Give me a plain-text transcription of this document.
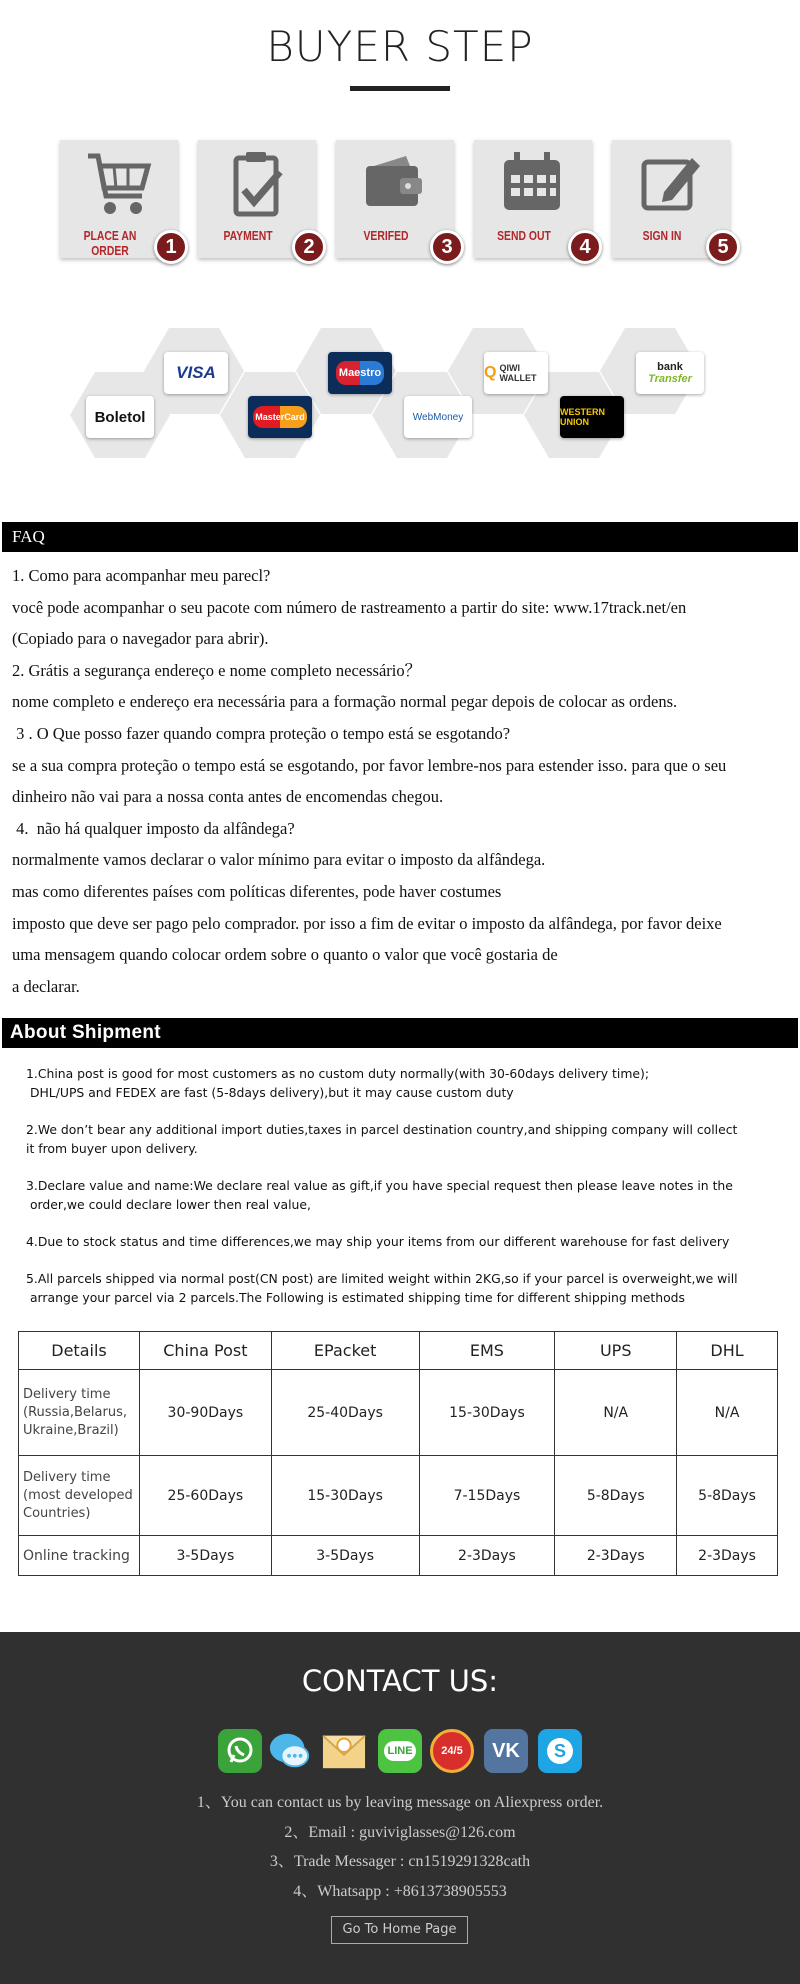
BUYER STEP
PLACE AN ORDER	1
PAYMENT
2
VERIFED
3
SEND OUT
4
SIGN IN
5
Boletol
VISA
MasterCard
Maestro
WebMoney
Q QIWI WALLET
WESTERN UNION
bank
Transfer
FAQ
1. Como para acompanhar meu parecl?
você pode acompanhar o seu pacote com número de rastreamento a partir do site: www.17track.net/en
(Copiado para o navegador para abrir).
2. Grátis a segurança endereço e nome completo necessário？
nome completo e endereço era necessária para a formação normal pegar depois de colocar as ordens.
3 . O Que posso fazer quando compra proteção o tempo está se esgotando?
se a sua compra proteção o tempo está se esgotando, por favor lembre-nos para estender isso. para que o seu
dinheiro não vai para a nossa conta antes de encomendas chegou.
4.  não há qualquer imposto da alfândega?
normalmente vamos declarar o valor mínimo para evitar o imposto da alfândega.
mas como diferentes países com políticas diferentes, pode haver costumes
imposto que deve ser pago pelo comprador. por isso a fim de evitar o imposto da alfândega, por favor deixe
uma mensagem quando colocar ordem sobre o quanto o valor que você gostaria de
a declarar.
About Shipment
1.China post is good for most customers as no custom duty normally(with 30-60days delivery time);
DHL/UPS and FEDEX are fast (5-8days delivery),but it may cause custom duty
2.We don’t bear any additional import duties,taxes in parcel destination country,and shipping company will collect
it from buyer upon delivery.
3.Declare value and name:We declare real value as gift,if you have special request then please leave notes in the
order,we could declare lower then real value,
4.Due to stock status and time differences,we may ship your items from our different warehouse for fast delivery
5.All parcels shipped via normal post(CN post) are limited weight within 2KG,so if your parcel is overweight,we will
arrange your parcel via 2 parcels.The Following is estimated shipping time for different shipping methods
Details	China Post	EPacket	EMS	UPS	DHL

Delivery time
(Russia,Belarus,
Ukraine,Brazil)	30-90Days	25-40Days	15-30Days	N/A	N/A

Delivery time
(most developed
Countries)	25-60Days	15-30Days	7-15Days	5-8Days	5-8Days

Online tracking	3-5Days	3-5Days	2-3Days	2-3Days	2-3Days
CONTACT US:
LINE	24/5 VK S
1、You can contact us by leaving message on Aliexpress order.
2、Email : guviviglasses@126.com
3、Trade Messager : cn1519291328cath
4、Whatsapp : +8613738905553
Go To Home Page
